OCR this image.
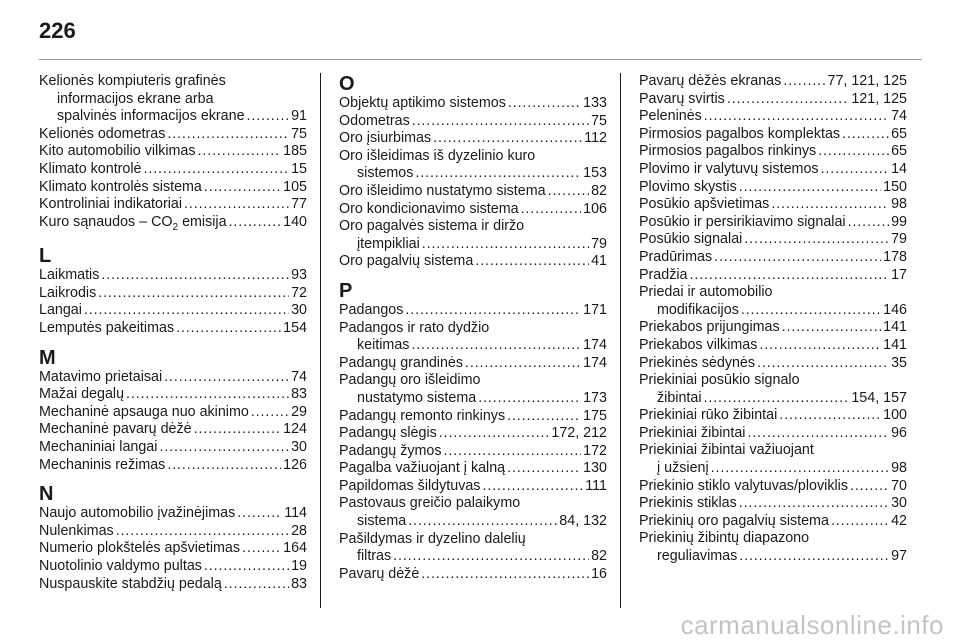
226
Kelionės kompiuteris grafinės
informacijos ekrane arba
spalvinės informacijos ekrane . . .	91
Kelionės odometras . . .	75
Kito automobilio vilkimas . . .	185
Klimato kontrolė . . .	15
Klimato kontrolės sistema . . .	105
Kontroliniai indikatoriai . . .	77
Kuro sąnaudos – $CO_2$ emisija . . .	140
L
Laikmatis . . .	93
Laikrodis . . .	72
Langai . . .	30
Lemputės pakeitimas . . .	154
M
Matavimo prietaisai . . .	74
Mažai degalų . . .	83
Mechaninė apsauga nuo akinimo . . .	29
Mechaninė pavarų dėžė . . .	124
Mechaniniai langai . . .	30
Mechaninis režimas . . .	126
N
Naujo automobilio įvažinėjimas . . .	114
Nulenkimas . . .	28
Numerio plokštelės apšvietimas . . .	164
Nuotolinio valdymo pultas . . .	19
Nuspauskite stabdžių pedalą . . .	83
O
Objektų aptikimo sistemos . . .	133
Odometras . . .	75
Oro įsiurbimas . . .	112
Oro išleidimas iš dyzelinio kuro
sistemos . . .	153
Oro išleidimo nustatymo sistema . . .	82
Oro kondicionavimo sistema . . .	106
Oro pagalvės sistema ir diržo
įtempikliai . . .	79
Oro pagalvių sistema . . .	41
P
Padangos . . .	171
Padangos ir rato dydžio
keitimas . . .	174
Padangų grandinės . . .	174
Padangų oro išleidimo
nustatymo sistema . . .	173
Padangų remonto rinkinys . . .	175
Padangų slėgis . . .	172, 212
Padangų žymos . . .	172
Pagalba važiuojant į kalną . . .	130
Papildomas šildytuvas . . .	111
Pastovaus greičio palaikymo
sistema . . .	84, 132
Pašildymas ir dyzelino dalelių
filtras . . .	82
Pavarų dėžė . . .	16
Pavarų dėžės ekranas . . .	77, 121, 125
Pavarų svirtis . . .	121, 125
Peleninės . . .	74
Pirmosios pagalbos komplektas . . .	65
Pirmosios pagalbos rinkinys . . .	65
Plovimo ir valytuvų sistemos . . .	14
Plovimo skystis . . .	150
Posūkio apšvietimas . . .	98
Posūkio ir persirikiavimo signalai . . .	99
Posūkio signalai . . .	79
Pradūrimas . . .	178
Pradžia . . .	17
Priedai ir automobilio
modifikacijos . . .	146
Priekabos prijungimas . . .	141
Priekabos vilkimas . . .	141
Priekinės sėdynės . . .	35
Priekiniai posūkio signalo
žibintai . . .	154, 157
Priekiniai rūko žibintai . . .	100
Priekiniai žibintai . . .	96
Priekiniai žibintai važiuojant
į užsienį . . .	98
Priekinio stiklo valytuvas/ploviklis . . .	70
Priekinis stiklas . . .	30
Priekinių oro pagalvių sistema . . .	42
Priekinių žibintų diapazono
reguliavimas . . .	97
carmanualsonline.info
